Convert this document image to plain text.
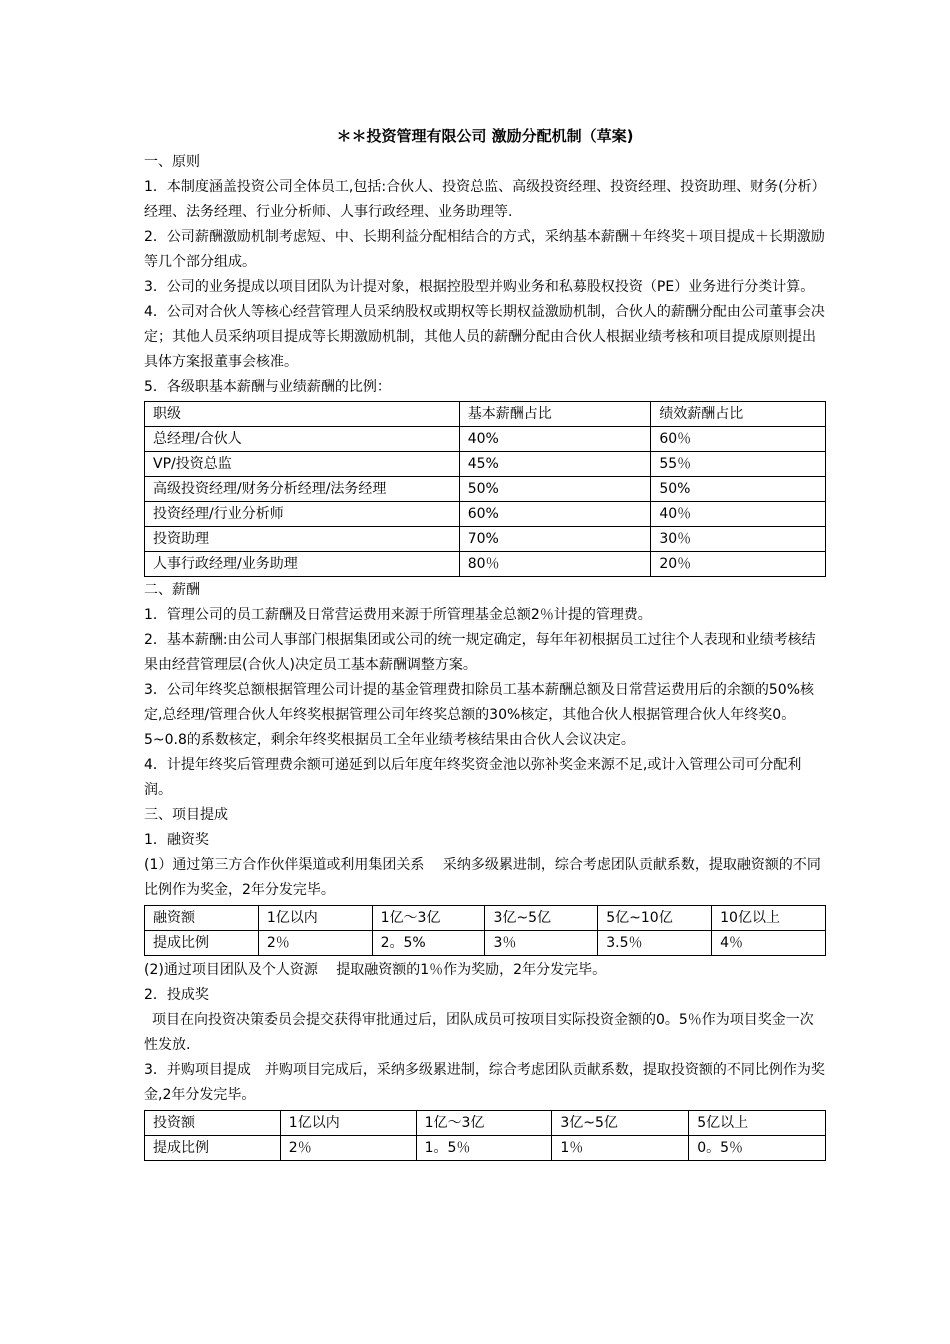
＊＊投资管理有限公司 激励分配机制（草案)
一、原则

1．本制度涵盖投资公司全体员工,包括:合伙人、投资总监、高级投资经理、投资经理、投资助理、财务(分析）经理、法务经理、行业分析师、人事行政经理、业务助理等.

2．公司薪酬激励机制考虑短、中、长期利益分配相结合的方式，采纳基本薪酬＋年终奖＋项目提成＋长期激励等几个部分组成。

3．公司的业务提成以项目团队为计提对象，根据控股型并购业务和私募股权投资（PE）业务进行分类计算。

4．公司对合伙人等核心经营管理人员采纳股权或期权等长期权益激励机制，合伙人的薪酬分配由公司董事会决定；其他人员采纳项目提成等长期激励机制，其他人员的薪酬分配由合伙人根据业绩考核和项目提成原则提出具体方案报董事会核准。

5．各级职基本薪酬与业绩薪酬的比例：

职级	基本薪酬占比	绩效薪酬占比
总经理/合伙人	40%	60％
VP/投资总监	45%	55％
高级投资经理/财务分析经理/法务经理	50%	50%
投资经理/行业分析师	60%	40％
投资助理	70%	30％
人事行政经理/业务助理	80％	20％
二、薪酬

1．管理公司的员工薪酬及日常营运费用来源于所管理基金总额2％计提的管理费。

2．基本薪酬:由公司人事部门根据集团或公司的统一规定确定，每年年初根据员工过往个人表现和业绩考核结果由经营管理层(合伙人)决定员工基本薪酬调整方案。

3．公司年终奖总额根据管理公司计提的基金管理费扣除员工基本薪酬总额及日常营运费用后的余额的50%核定,总经理/管理合伙人年终奖根据管理公司年终奖总额的30%核定，其他合伙人根据管理合伙人年终奖0。5~0.8的系数核定，剩余年终奖根据员工全年业绩考核结果由合伙人会议决定。

4．计提年终奖后管理费余额可递延到以后年度年终奖资金池以弥补奖金来源不足,或计入管理公司可分配利润。

三、项目提成
1．融资奖

(1）通过第三方合作伙伴渠道或利用集团关系　 采纳多级累进制，综合考虑团队贡献系数，提取融资额的不同比例作为奖金，2年分发完毕。

融资额	1亿以内	1亿～3亿	3亿~5亿	5亿~10亿	10亿以上
提成比例	2％	2。5%	3％	3.5％	4％

(2)通过项目团队及个人资源　 提取融资额的1％作为奖励，2年分发完毕。

2．投成奖

项目在向投资决策委员会提交获得审批通过后，团队成员可按项目实际投资金额的0。5％作为项目奖金一次性发放.

3．并购项目提成　并购项目完成后，采纳多级累进制，综合考虑团队贡献系数，提取投资额的不同比例作为奖金,2年分发完毕。

投资额	1亿以内	1亿～3亿	3亿~5亿	5亿以上
提成比例	2％	1。5％	1％	0。5％
